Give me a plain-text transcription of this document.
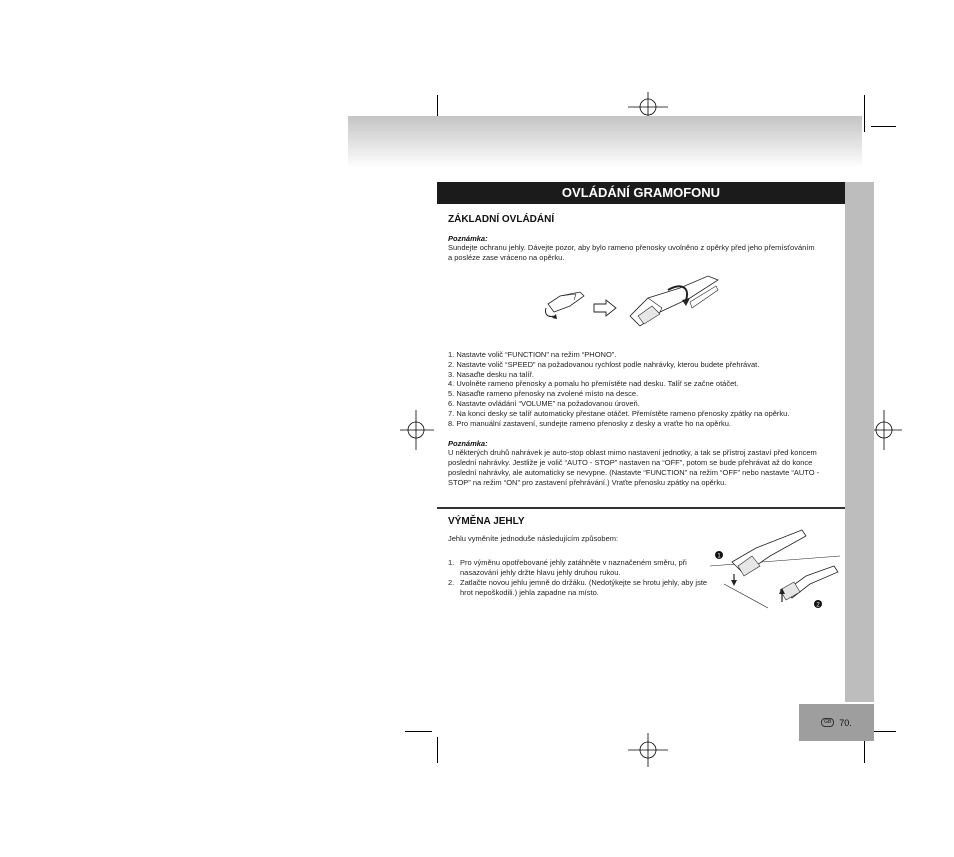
GB 70.
OVLÁDÁNÍ GRAMOFONU
ZÁKLADNÍ OVLÁDÁNÍ
Poznámka:
Sundejte ochranu jehly. Dávejte pozor, aby bylo rameno přenosky uvolněno z opěrky před jeho přemísťováním a posléze zase vráceno na opěrku.
1. Nastavte volič “FUNCTION” na režim “PHONO”.
2. Nastavte volič “SPEED” na požadovanou rychlost podle nahrávky, kterou budete přehrávat.
3. Nasaďte desku na talíř.
4. Uvolněte rameno přenosky a pomalu ho přemístěte nad desku. Talíř se začne otáčet.
5. Nasaďte rameno přenosky na zvolené místo na desce.
6. Nastavte ovládání “VOLUME” na požadovanou úroveň.
7. Na konci desky se talíř automaticky přestane otáčet. Přemístěte rameno přenosky zpátky na opěrku.
8. Pro manuální zastavení, sundejte rameno přenosky z desky a vraťte ho na opěrku.
Poznámka:
U některých druhů nahrávek je auto-stop oblast mimo nastavení jednotky, a tak se přístroj zastaví před koncem poslední nahrávky. Jestliže je volič “AUTO - STOP” nastaven na “OFF”, potom se bude přehrávat až do konce poslední nahrávky, ale automaticky se nevypne. (Nastavte “FUNCTION” na režim “OFF” nebo nastavte “AUTO - STOP” na režim “ON” pro zastavení přehrávání.) Vraťte přenosku zpátky na opěrku.
VÝMĚNA JEHLY
Jehlu vyměníte jednoduše následujícím způsobem:
1. Pro výměnu opotřebované jehly zatáhněte v naznačeném směru, při nasazování jehly držte hlavu jehly druhou rukou.
2. Zatlačte novou jehlu jemně do držáku. (Nedotýkejte se hrotu jehly, aby jste hrot nepoškodili.) jehla zapadne na místo.
1
2
